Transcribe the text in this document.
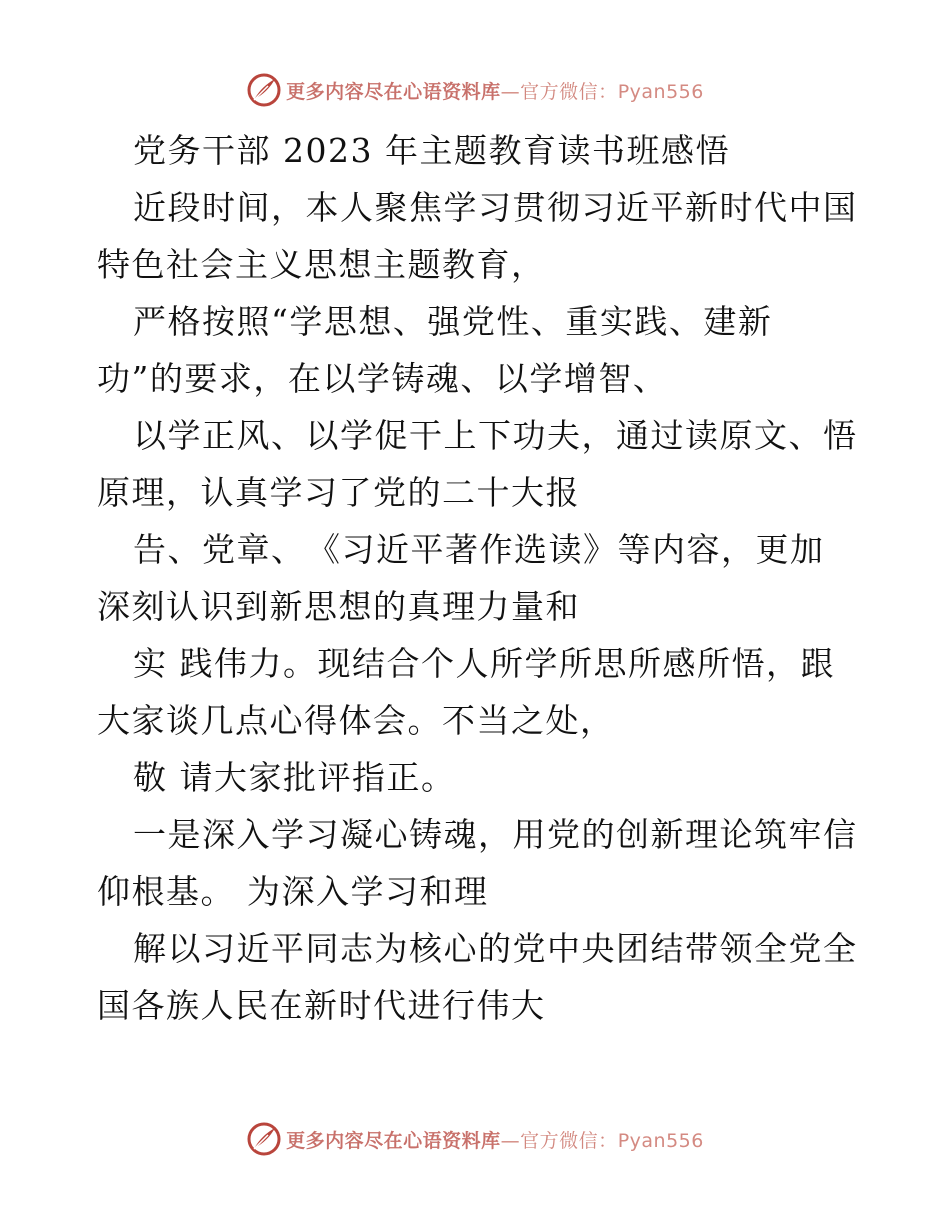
更多内容尽在心语资料库—官方微信：Pyan556
党务干部 2023 年主题教育读书班感悟
近段时间，本人聚焦学习贯彻习近平新时代中国
特色社会主义思想主题教育，
严格按照“学思想、强党性、重实践、建新
功”的要求，在以学铸魂、以学增智、
以学正风、以学促干上下功夫，通过读原文、悟
原理，认真学习了党的二十大报
告、党章、　《习近平著作选读》等内容，更加
深刻认识到新思想的真理力量和
实 践伟力。现结合个人所学所思所感所悟，跟
大家谈几点心得体会。不当之处，
敬 请大家批评指正。
一是深入学习凝心铸魂，用党的创新理论筑牢信
仰根基。 为深入学习和理
解以习近平同志为核心的党中央团结带领全党全
国各族人民在新时代进行伟大
更多内容尽在心语资料库—官方微信：Pyan556
